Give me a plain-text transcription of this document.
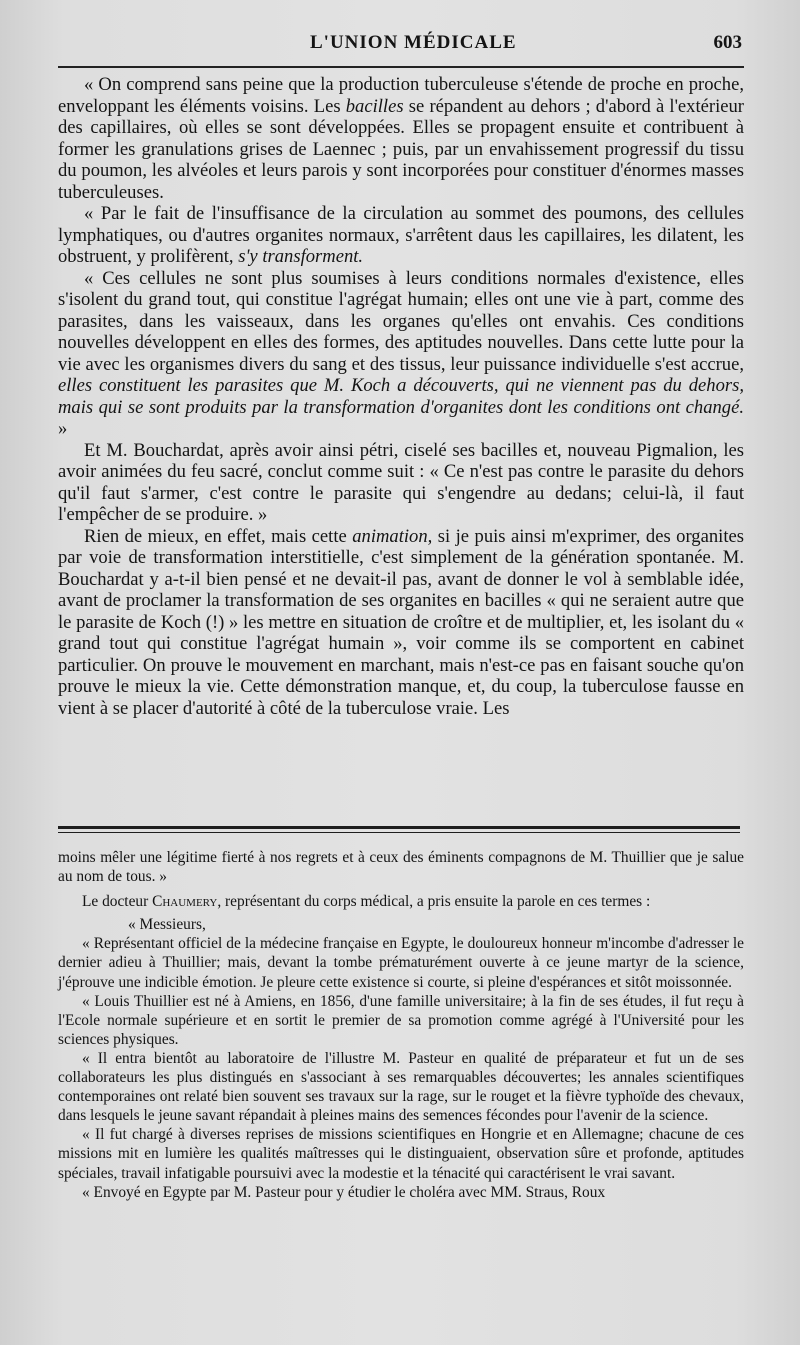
L'UNION MÉDICALE	603

« On comprend sans peine que la production tuberculeuse s'étende de proche en proche, enveloppant les éléments voisins. Les bacilles se répandent au dehors ; d'abord à l'extérieur des capillaires, où elles se sont développées. Elles se propagent ensuite et contribuent à former les granulations grises de Laennec ; puis, par un envahissement progressif du tissu du poumon, les alvéoles et leurs parois y sont incorporées pour constituer d'énormes masses tuberculeuses.

« Par le fait de l'insuffisance de la circulation au sommet des poumons, des cellules lymphatiques, ou d'autres organites normaux, s'arrêtent daus les capillaires, les dilatent, les obstruent, y prolifèrent, s'y transforment.

« Ces cellules ne sont plus soumises à leurs conditions normales d'existence, elles s'isolent du grand tout, qui constitue l'agrégat humain; elles ont une vie à part, comme des parasites, dans les vaisseaux, dans les organes qu'elles ont envahis. Ces conditions nouvelles développent en elles des formes, des aptitudes nouvelles. Dans cette lutte pour la vie avec les organismes divers du sang et des tissus, leur puissance individuelle s'est accrue, elles constituent les parasites que M. Koch a découverts, qui ne viennent pas du dehors, mais qui se sont produits par la transformation d'organites dont les conditions ont changé. »

Et M. Bouchardat, après avoir ainsi pétri, ciselé ses bacilles et, nouveau Pigmalion, les avoir animées du feu sacré, conclut comme suit : « Ce n'est pas contre le parasite du dehors qu'il faut s'armer, c'est contre le parasite qui s'engendre au dedans; celui-là, il faut l'empêcher de se produire. »

Rien de mieux, en effet, mais cette animation, si je puis ainsi m'exprimer, des organites par voie de transformation interstitielle, c'est simplement de la génération spontanée. M. Bouchardat y a-t-il bien pensé et ne devait-il pas, avant de donner le vol à semblable idée, avant de proclamer la transformation de ses organites en bacilles « qui ne seraient autre que le parasite de Koch (!) » les mettre en situation de croître et de multiplier, et, les isolant du « grand tout qui constitue l'agrégat humain », voir comme ils se comportent en cabinet particulier. On prouve le mouvement en marchant, mais n'est-ce pas en faisant souche qu'on prouve le mieux la vie. Cette démonstration manque, et, du coup, la tuberculose fausse en vient à se placer d'autorité à côté de la tuberculose vraie. Les

moins mêler une légitime fierté à nos regrets et à ceux des éminents compagnons de M. Thuillier que je salue au nom de tous. »

Le docteur Chaumery, représentant du corps médical, a pris ensuite la parole en ces termes :

« Messieurs,

« Représentant officiel de la médecine française en Egypte, le douloureux honneur m'incombe d'adresser le dernier adieu à Thuillier; mais, devant la tombe prématurément ouverte à ce jeune martyr de la science, j'éprouve une indicible émotion. Je pleure cette existence si courte, si pleine d'espérances et sitôt moissonnée.

« Louis Thuillier est né à Amiens, en 1856, d'une famille universitaire; à la fin de ses études, il fut reçu à l'Ecole normale supérieure et en sortit le premier de sa promotion comme agrégé à l'Université pour les sciences physiques.

« Il entra bientôt au laboratoire de l'illustre M. Pasteur en qualité de préparateur et fut un de ses collaborateurs les plus distingués en s'associant à ses remarquables découvertes; les annales scientifiques contemporaines ont relaté bien souvent ses travaux sur la rage, sur le rouget et la fièvre typhoïde des chevaux, dans lesquels le jeune savant répandait à pleines mains des semences fécondes pour l'avenir de la science.

« Il fut chargé à diverses reprises de missions scientifiques en Hongrie et en Allemagne; chacune de ces missions mit en lumière les qualités maîtresses qui le distinguaient, observation sûre et profonde, aptitudes spéciales, travail infatigable poursuivi avec la modestie et la ténacité qui caractérisent le vrai savant.

« Envoyé en Egypte par M. Pasteur pour y étudier le choléra avec MM. Straus, Roux
